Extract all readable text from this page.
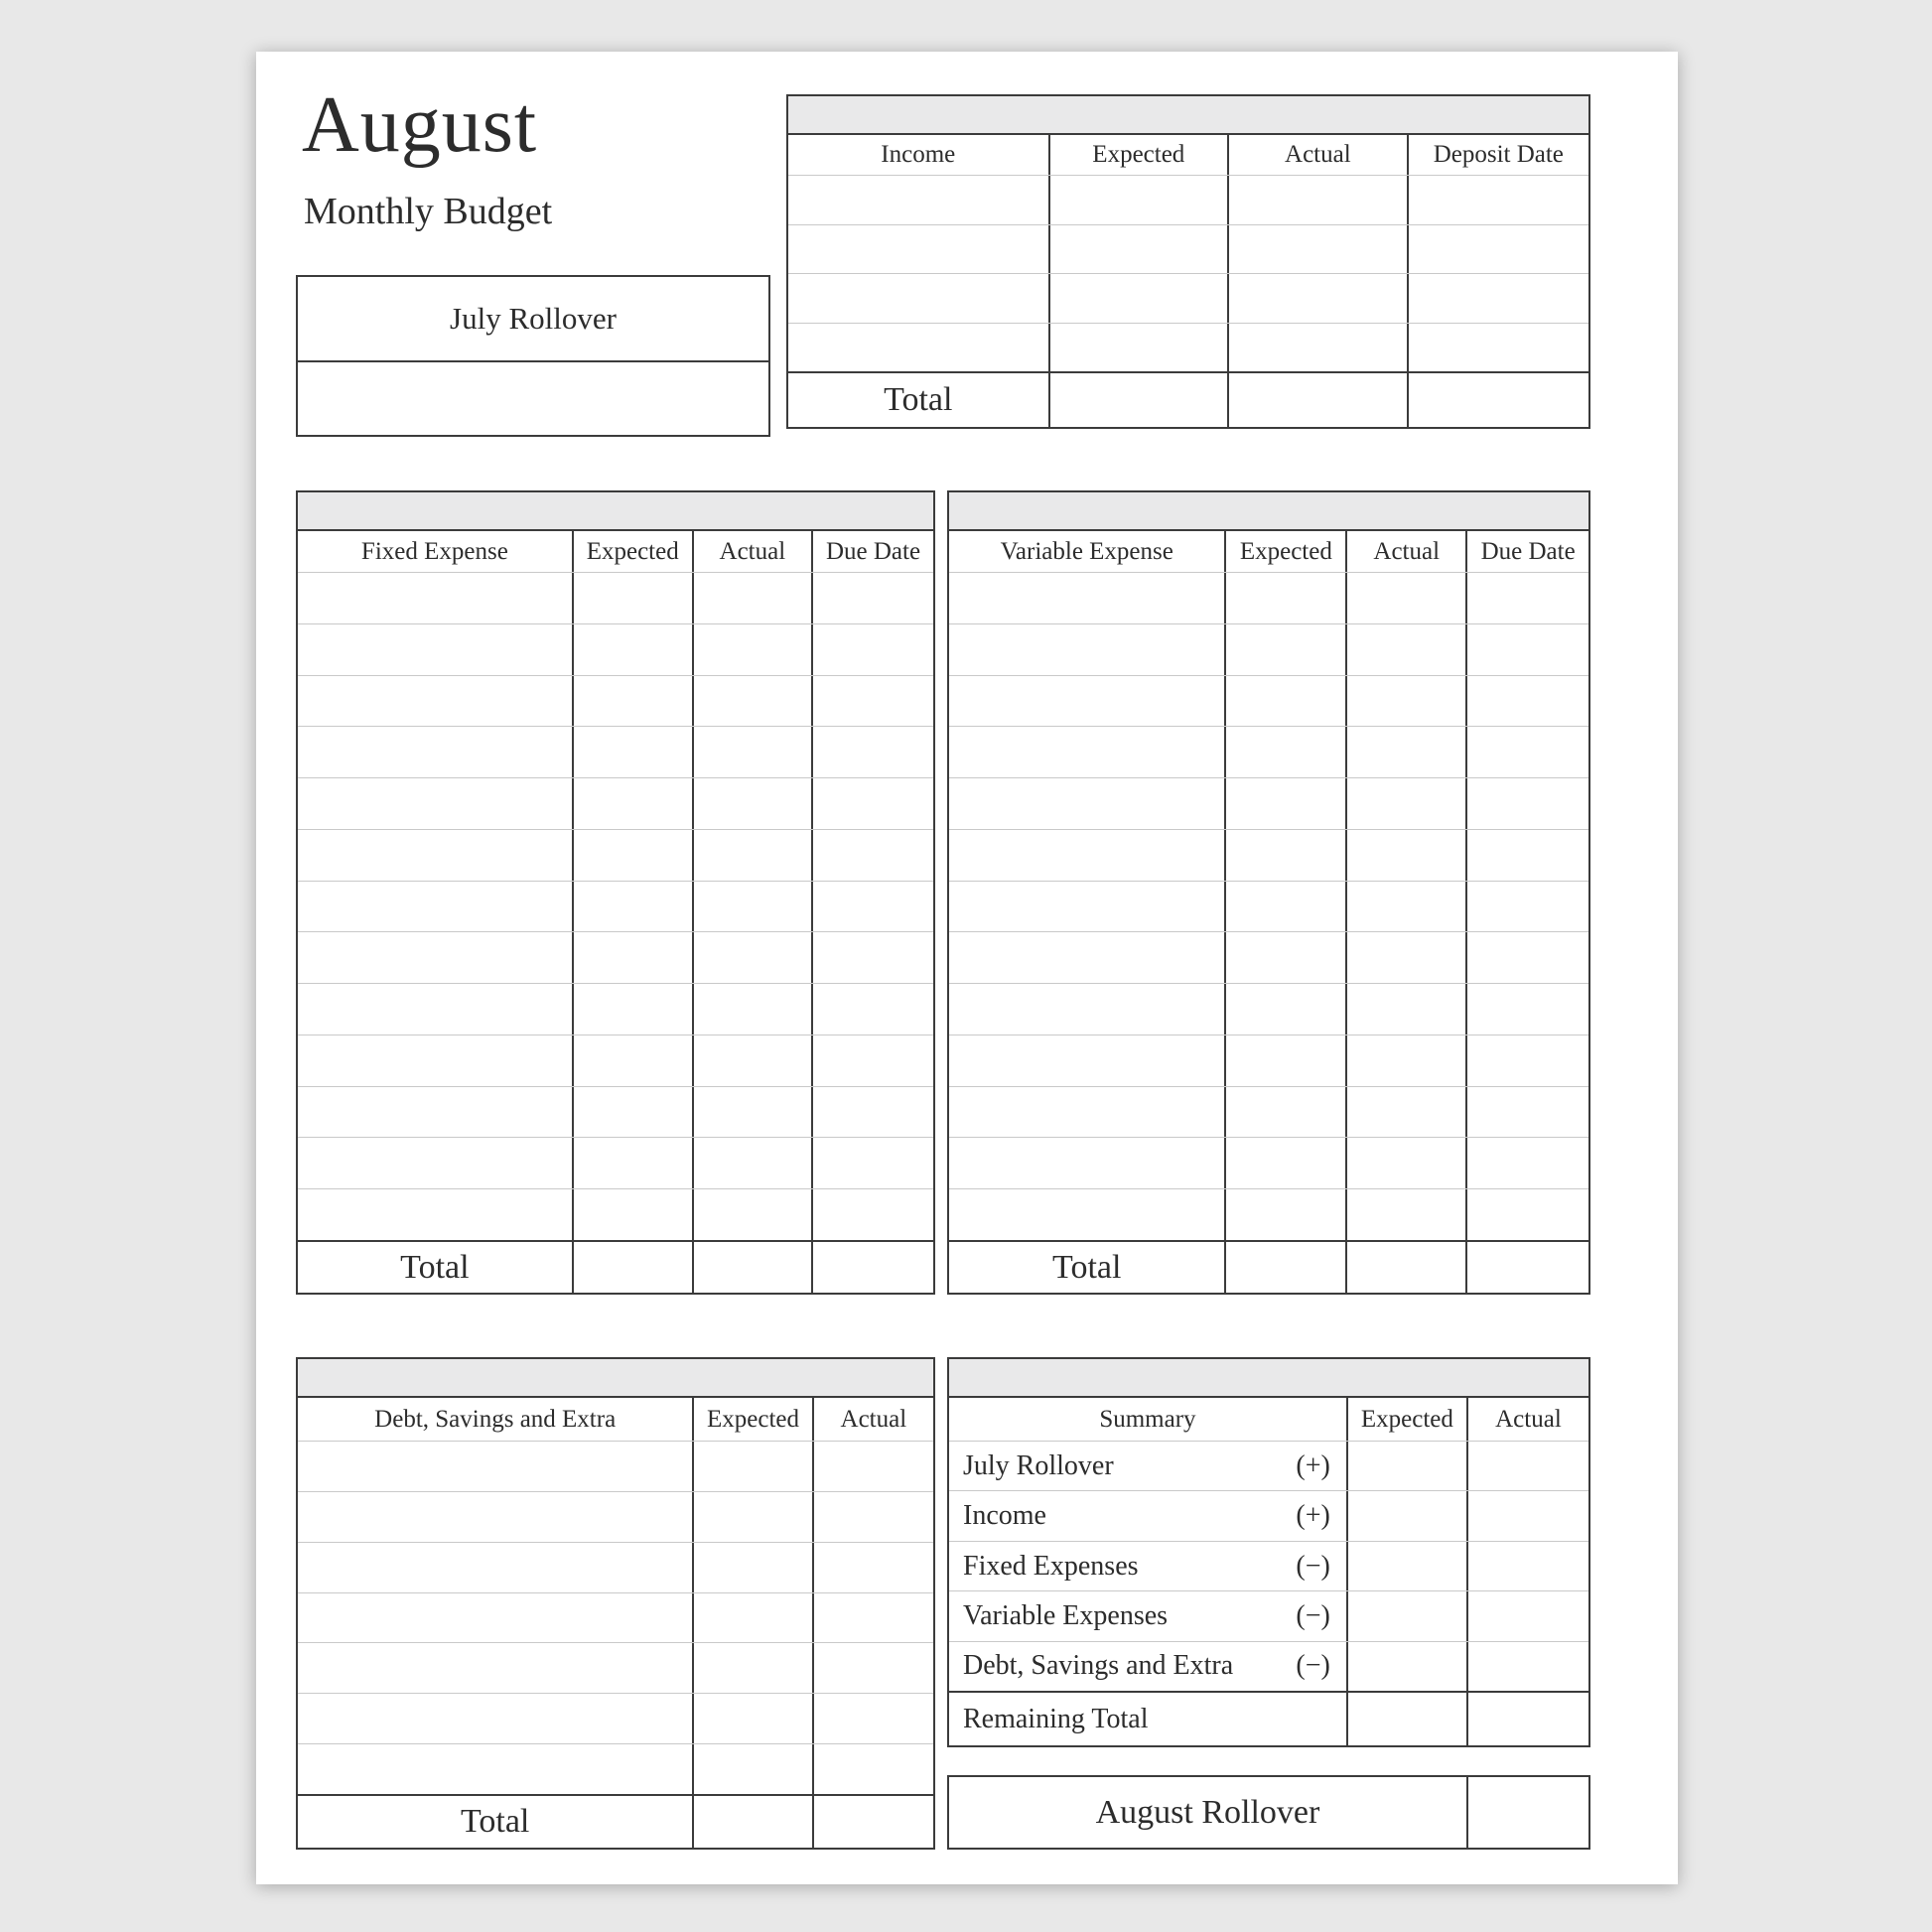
August
Monthly Budget
July Rollover
Income	Expected	Actual	Deposit Date
Total
Fixed Expense	Expected	Actual	Due Date
Total
Variable Expense	Expected	Actual	Due Date
Total
Debt, Savings and Extra	Expected	Actual
Total
Summary	Expected	Actual
July Rollover	(+)
Income	(+)
Fixed Expenses	(−)
Variable Expenses	(−)
Debt, Savings and Extra (−)
Remaining Total
August Rollover
